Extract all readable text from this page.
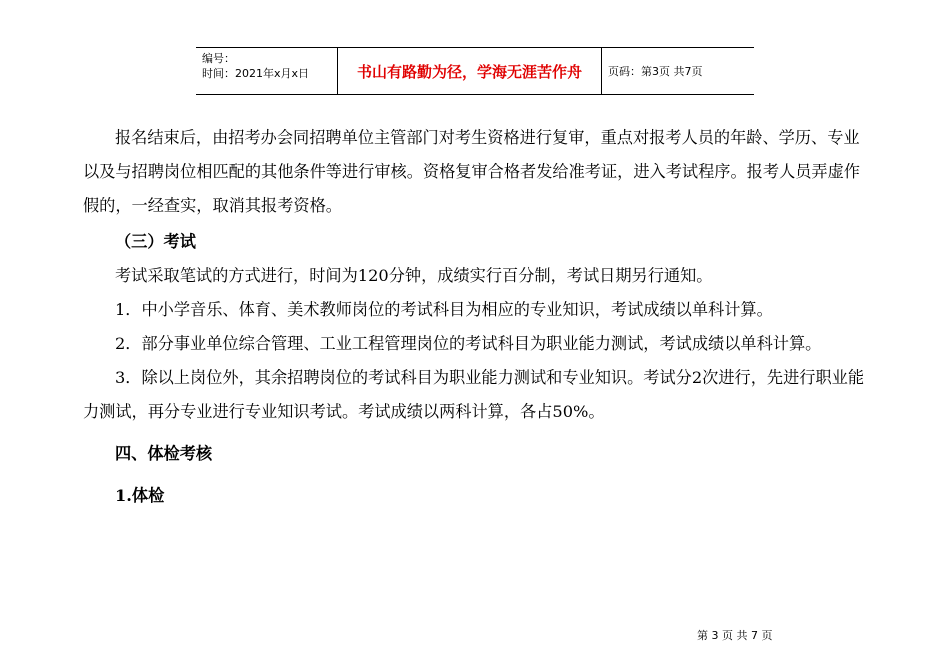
编号：
时间：2021年x月x日	书山有路勤为径，学海无涯苦作舟	页码：第3页 共7页

报名结束后，由招考办会同招聘单位主管部门对考生资格进行复审，重点对报考人员的年龄、学历、专业以及与招聘岗位相匹配的其他条件等进行审核。资格复审合格者发给准考证，进入考试程序。报考人员弄虚作假的，一经查实，取消其报考资格。

（三）考试

考试采取笔试的方式进行，时间为120分钟，成绩实行百分制，考试日期另行通知。

1．中小学音乐、体育、美术教师岗位的考试科目为相应的专业知识，考试成绩以单科计算。

2．部分事业单位综合管理、工业工程管理岗位的考试科目为职业能力测试，考试成绩以单科计算。

3．除以上岗位外，其余招聘岗位的考试科目为职业能力测试和专业知识。考试分2次进行，先进行职业能力测试，再分专业进行专业知识考试。考试成绩以两科计算，各占50%。

四、体检考核

1.体检

第 3 页 共 7 页
